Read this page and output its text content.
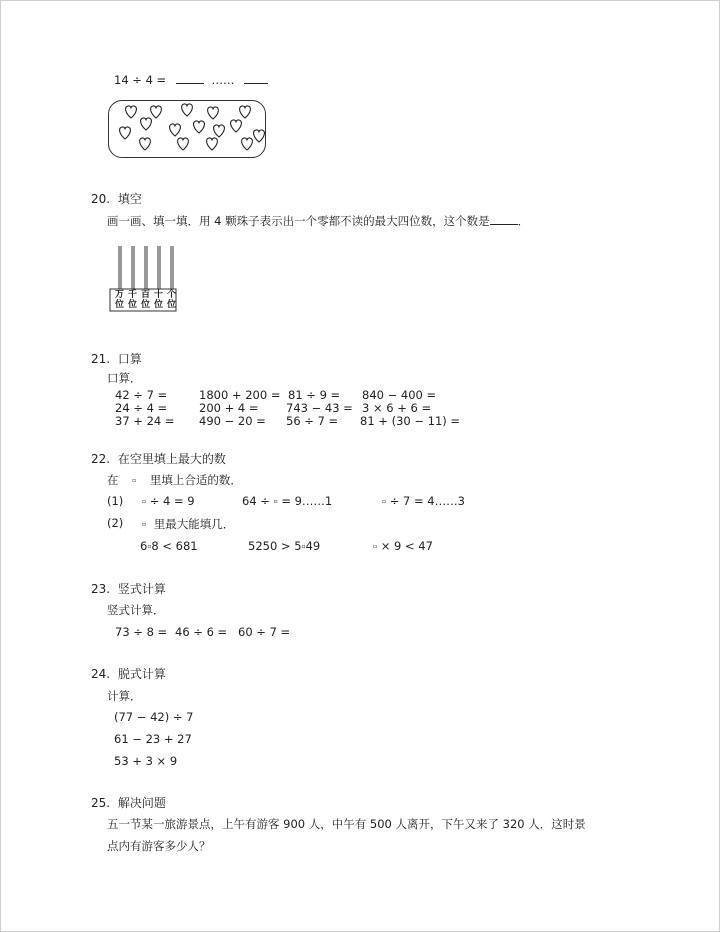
14 ÷ 4 =	……
20. 填空
画一画、填一填．用 4 颗珠子表示出一个零都不读的最大四位数，这个数是 ．
万位
千位
百位
十位
个位
21. 口算
口算．
42 ÷ 7 =	1800 + 200 = 81 ÷ 9 = 840 − 400 =
24 ÷ 4 =	200 + 4 = 743 − 43 = 3 × 6 + 6 =
37 + 24 = 490 − 20 = 56 ÷ 7 = 81 + (30 − 11) =
22. 在空里填上最大的数
在 ▫ 里填上合适的数．
(1)	▫ ÷ 4 = 9	64 ÷ ▫ = 9……1	▫ ÷ 7 = 4……3
(2)	▫ 里最大能填几．
6▫8 < 681	5250 > 5▫49	▫ × 9 < 47
23. 竖式计算
竖式计算．
73 ÷ 8 = 46 ÷ 6 = 60 ÷ 7 =
24. 脱式计算
计算．
(77 − 42) ÷ 7
61 − 23 + 27
53 + 3 × 9
25. 解决问题
五一节某一旅游景点，上午有游客 900 人，中午有 500 人离开，下午又来了 320 人．这时景
点内有游客多少人？
